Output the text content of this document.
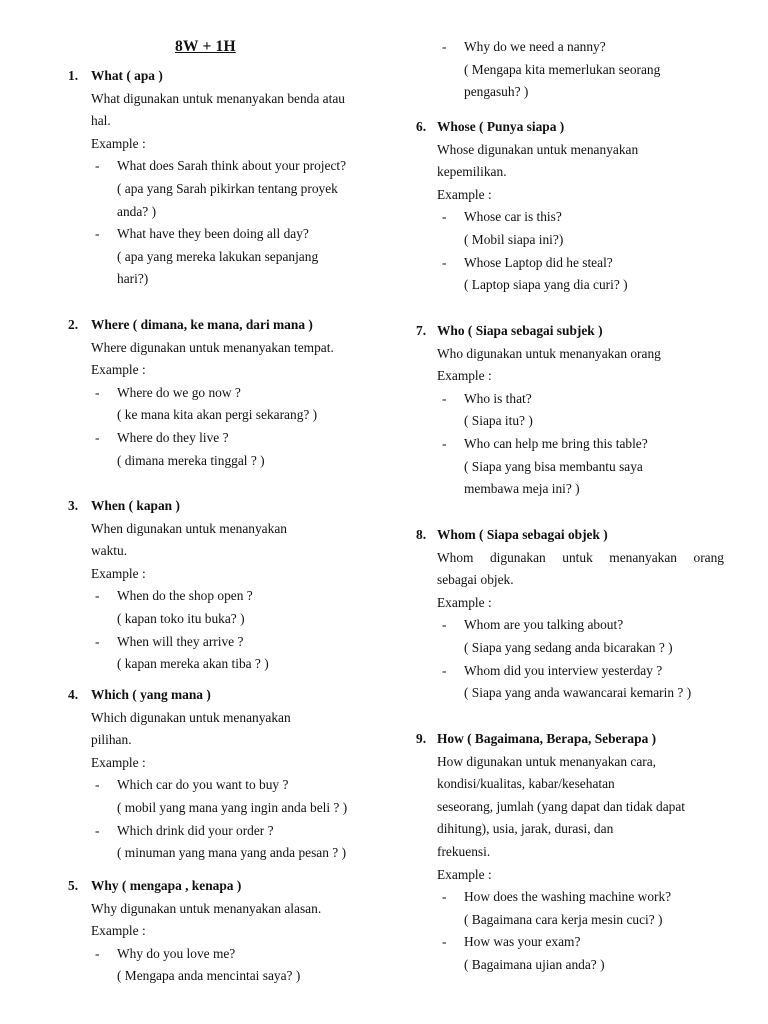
8W + 1H
1. What ( apa )
What digunakan untuk menanyakan benda atau
hal.
Example :
- What does Sarah think about your project?
( apa yang Sarah pikirkan tentang proyek
anda? )
- What have they been doing all day?
( apa yang mereka lakukan sepanjang
hari?)
2. Where ( dimana, ke mana, dari mana )
Where digunakan untuk menanyakan tempat.
Example :
- Where do we go now ?
( ke mana kita akan pergi sekarang? )
- Where do they live ?
( dimana mereka tinggal ? )
3. When ( kapan )
When digunakan untuk menanyakan
waktu.
Example :
- When do the shop open ?
( kapan toko itu buka? )
- When will they arrive ?
( kapan mereka akan tiba ? )
4. Which ( yang mana )
Which digunakan untuk menanyakan
pilihan.
Example :
- Which car do you want to buy ?
( mobil yang mana yang ingin anda beli ? )
- Which drink did your order ?
( minuman yang mana yang anda pesan ? )
5. Why ( mengapa , kenapa )
Why digunakan untuk menanyakan alasan.
Example :
- Why do you love me?
( Mengapa anda mencintai saya? )
- Why do we need a nanny?
( Mengapa kita memerlukan seorang
pengasuh? )
6. Whose ( Punya siapa )
Whose digunakan untuk menanyakan
kepemilikan.
Example :
- Whose car is this?
( Mobil siapa ini?)
- Whose Laptop did he steal?
( Laptop siapa yang dia curi? )
7. Who ( Siapa sebagai subjek )
Who digunakan untuk menanyakan orang
Example :
- Who is that?
( Siapa itu? )
- Who can help me bring this table?
( Siapa yang bisa membantu saya
membawa meja ini? )
8. Whom ( Siapa sebagai objek )
Whom digunakan untuk menanyakan orang
sebagai objek.
Example :
- Whom are you talking about?
( Siapa yang sedang anda bicarakan ? )
- Whom did you interview yesterday ?
( Siapa yang anda wawancarai kemarin ? )
9. How ( Bagaimana, Berapa, Seberapa )
How digunakan untuk menanyakan cara,
kondisi/kualitas, kabar/kesehatan
seseorang, jumlah (yang dapat dan tidak dapat
dihitung), usia, jarak, durasi, dan
frekuensi.
Example :
- How does the washing machine work?
( Bagaimana cara kerja mesin cuci? )
- How was your exam?
( Bagaimana ujian anda? )
